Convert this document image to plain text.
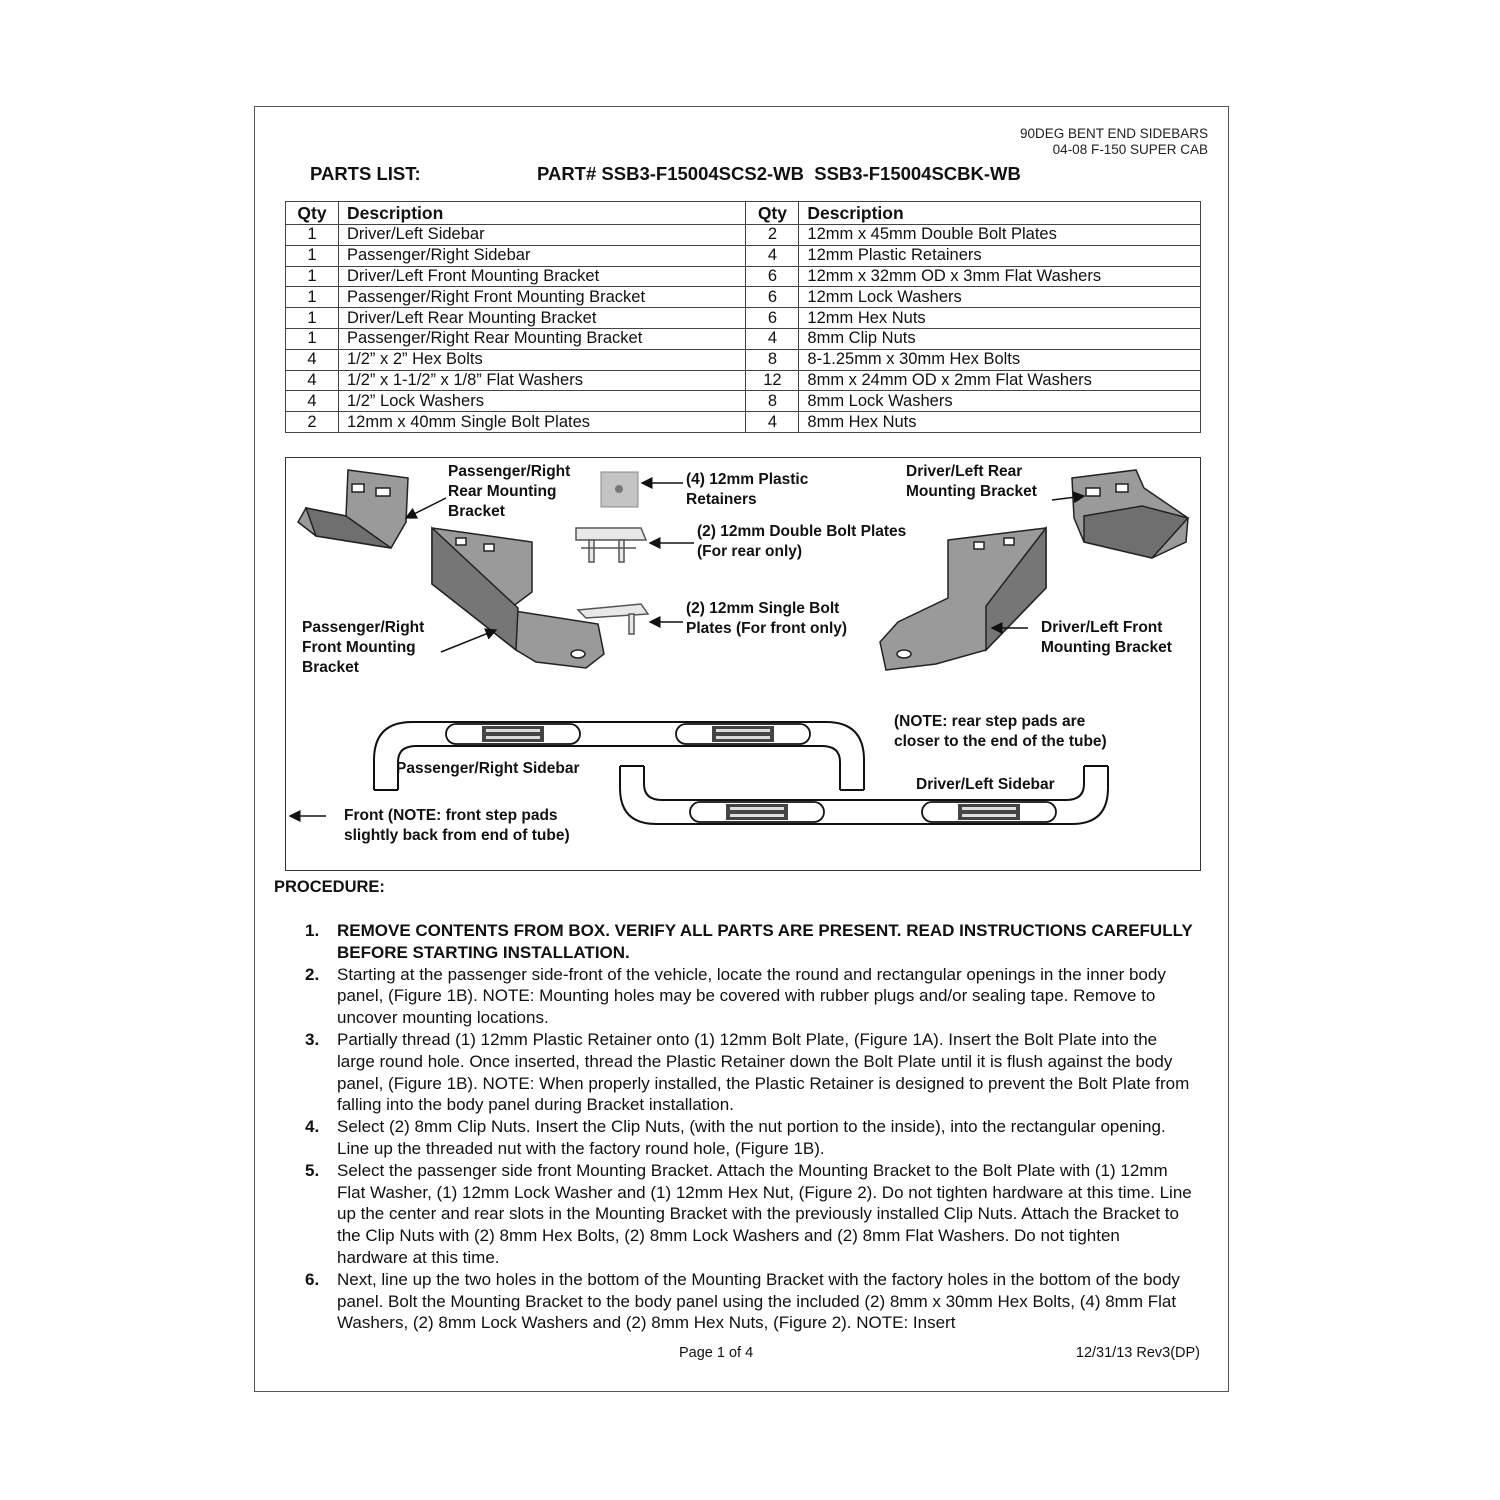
90DEG BENT END SIDEBARS
04-08 F-150 SUPER CAB
PARTS LIST:	PART# SSB3-F15004SCS2-WB  SSB3-F15004SCBK-WB
Qty	Description	Qty	Description
1	Driver/Left Sidebar	2	12mm x 45mm Double Bolt Plates
1	Passenger/Right Sidebar	4	12mm Plastic Retainers
1	Driver/Left Front Mounting Bracket	6	12mm x 32mm OD x 3mm Flat Washers
1	Passenger/Right Front Mounting Bracket	6	12mm Lock Washers
1	Driver/Left Rear Mounting Bracket	6	12mm Hex Nuts
1	Passenger/Right Rear Mounting Bracket	4	8mm Clip Nuts
4	1/2” x 2” Hex Bolts	8	8-1.25mm x 30mm Hex Bolts
4	1/2” x 1-1/2” x 1/8” Flat Washers	12	8mm x 24mm OD x 2mm Flat Washers
4	1/2” Lock Washers	8	8mm Lock Washers
2	12mm x 40mm Single Bolt Plates	4	8mm Hex Nuts
Passenger/Right
Rear Mounting
Bracket
(4) 12mm Plastic
Retainers
Driver/Left Rear
Mounting Bracket
(2) 12mm Double Bolt Plates
(For rear only)
(2) 12mm Single Bolt
Plates (For front only)
Passenger/Right
Front Mounting
Bracket
Driver/Left Front
Mounting Bracket
(NOTE: rear step pads are
closer to the end of the tube)
Passenger/Right Sidebar
Driver/Left Sidebar
Front (NOTE: front step pads
slightly back from end of tube)
PROCEDURE:
1. REMOVE CONTENTS FROM BOX. VERIFY ALL PARTS ARE PRESENT. READ INSTRUCTIONS CAREFULLY BEFORE STARTING INSTALLATION.
2. Starting at the passenger side-front of the vehicle, locate the round and rectangular openings in the inner body panel, (Figure 1B). NOTE: Mounting holes may be covered with rubber plugs and/or sealing tape. Remove to uncover mounting locations.
3. Partially thread (1) 12mm Plastic Retainer onto (1) 12mm Bolt Plate, (Figure 1A). Insert the Bolt Plate into the large round hole. Once inserted, thread the Plastic Retainer down the Bolt Plate until it is flush against the body panel, (Figure 1B). NOTE: When properly installed, the Plastic Retainer is designed to prevent the Bolt Plate from falling into the body panel during Bracket installation.
4. Select (2) 8mm Clip Nuts. Insert the Clip Nuts, (with the nut portion to the inside), into the rectangular opening. Line up the threaded nut with the factory round hole, (Figure 1B).
5. Select the passenger side front Mounting Bracket. Attach the Mounting Bracket to the Bolt Plate with (1) 12mm Flat Washer, (1) 12mm Lock Washer and (1) 12mm Hex Nut, (Figure 2). Do not tighten hardware at this time. Line up the center and rear slots in the Mounting Bracket with the previously installed Clip Nuts. Attach the Bracket to the Clip Nuts with (2) 8mm Hex Bolts, (2) 8mm Lock Washers and (2) 8mm Flat Washers. Do not tighten hardware at this time.
6. Next, line up the two holes in the bottom of the Mounting Bracket with the factory holes in the bottom of the body panel. Bolt the Mounting Bracket to the body panel using the included (2) 8mm x 30mm Hex Bolts, (4) 8mm Flat Washers, (2) 8mm Lock Washers and (2) 8mm Hex Nuts, (Figure 2). NOTE: Insert
Page 1 of 4	12/31/13 Rev3(DP)
